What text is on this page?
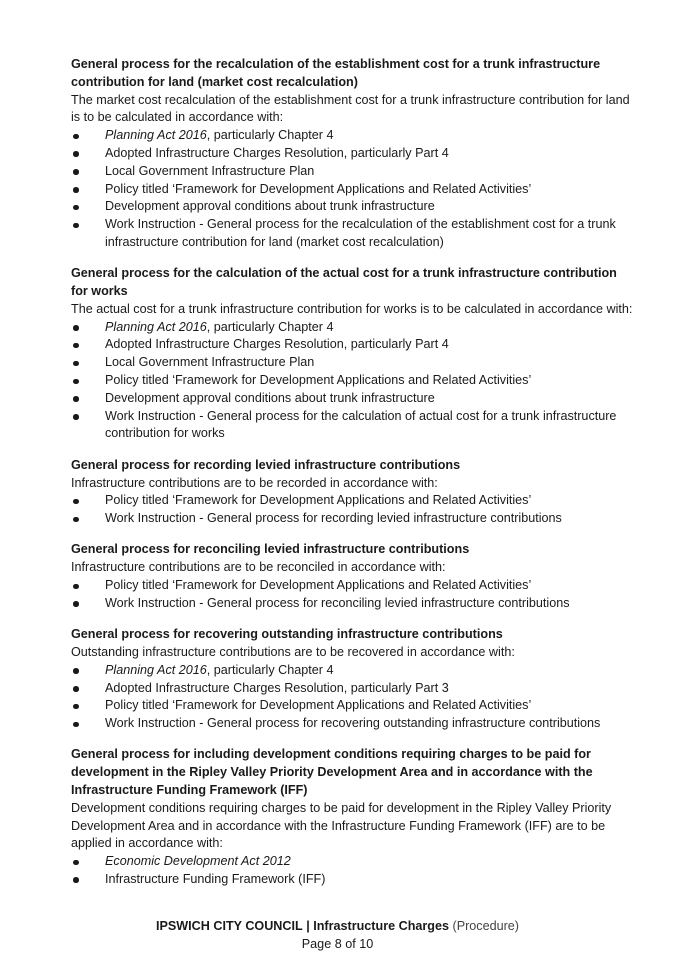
General process for the recalculation of the establishment cost for a trunk infrastructure contribution for land (market cost recalculation)

The market cost recalculation of the establishment cost for a trunk infrastructure contribution for land is to be calculated in accordance with:

Planning Act 2016, particularly Chapter 4
Adopted Infrastructure Charges Resolution, particularly Part 4
Local Government Infrastructure Plan
Policy titled ‘Framework for Development Applications and Related Activities’
Development approval conditions about trunk infrastructure
Work Instruction - General process for the recalculation of the establishment cost for a trunk infrastructure contribution for land (market cost recalculation)

General process for the calculation of the actual cost for a trunk infrastructure contribution for works

The actual cost for a trunk infrastructure contribution for works is to be calculated in accordance with:

Planning Act 2016, particularly Chapter 4
Adopted Infrastructure Charges Resolution, particularly Part 4
Local Government Infrastructure Plan
Policy titled ‘Framework for Development Applications and Related Activities’
Development approval conditions about trunk infrastructure
Work Instruction - General process for the calculation of actual cost for a trunk infrastructure contribution for works

General process for recording levied infrastructure contributions

Infrastructure contributions are to be recorded in accordance with:

Policy titled ‘Framework for Development Applications and Related Activities’
Work Instruction - General process for recording levied infrastructure contributions

General process for reconciling levied infrastructure contributions

Infrastructure contributions are to be reconciled in accordance with:

Policy titled ‘Framework for Development Applications and Related Activities’
Work Instruction - General process for reconciling levied infrastructure contributions

General process for recovering outstanding infrastructure contributions

Outstanding infrastructure contributions are to be recovered in accordance with:

Planning Act 2016, particularly Chapter 4
Adopted Infrastructure Charges Resolution, particularly Part 3
Policy titled ‘Framework for Development Applications and Related Activities’
Work Instruction - General process for recovering outstanding infrastructure contributions

General process for including development conditions requiring charges to be paid for development in the Ripley Valley Priority Development Area and in accordance with the Infrastructure Funding Framework (IFF)

Development conditions requiring charges to be paid for development in the Ripley Valley Priority Development Area and in accordance with the Infrastructure Funding Framework (IFF) are to be applied in accordance with:

Economic Development Act 2012
Infrastructure Funding Framework (IFF)
IPSWICH CITY COUNCIL | Infrastructure Charges (Procedure)
Page 8 of 10
